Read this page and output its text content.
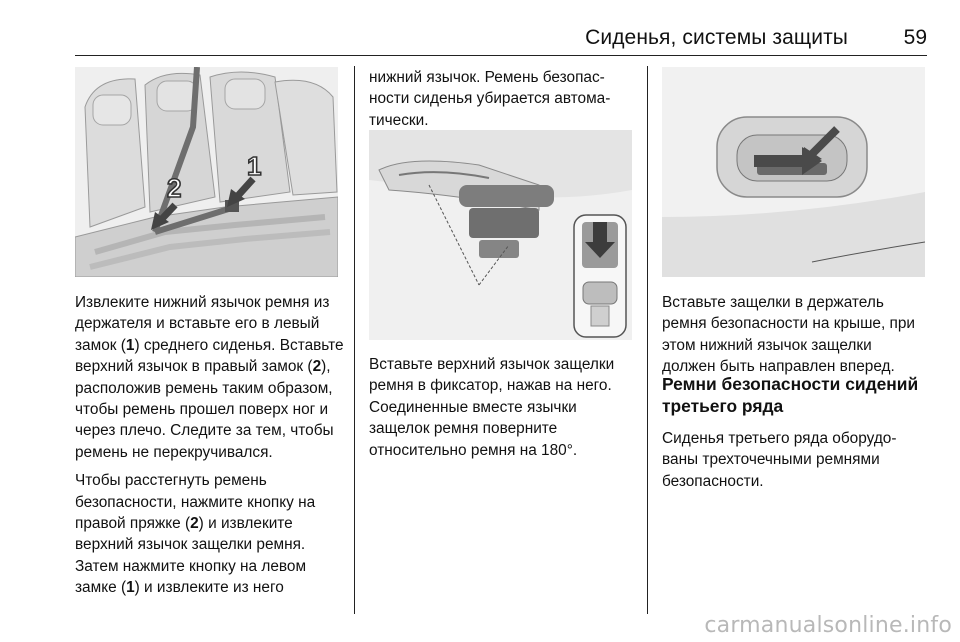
Сиденья, системы защиты	59
1
2

Извлеките нижний язычок ремня из держателя и вставьте его в левый замок (1) среднего сиденья. Вставьте верхний язычок в правый замок (2), расположив ремень таким образом, чтобы ремень прошел поверх ног и через плечо. Следите за тем, чтобы ремень не перекручивался.

Чтобы расстегнуть ремень безопасности, нажмите кнопку на правой пряжке (2) и извлеките верхний язычок защелки ремня. Затем нажмите кнопку на левом замке (1) и извлеките из него

нижний язычок. Ремень безопас-ности сиденья убирается автома-тически.

Вставьте верхний язычок защелки ремня в фиксатор, нажав на него. Соединенные вместе язычки защелок ремня поверните относительно ремня на 180°.

Вставьте защелки в держатель ремня безопасности на крыше, при этом нижний язычок защелки должен быть направлен вперед.

Ремни безопасности сидений третьего ряда

Сиденья третьего ряда оборудо-ваны трехточечными ремнями безопасности.

carmanualsonline.info
